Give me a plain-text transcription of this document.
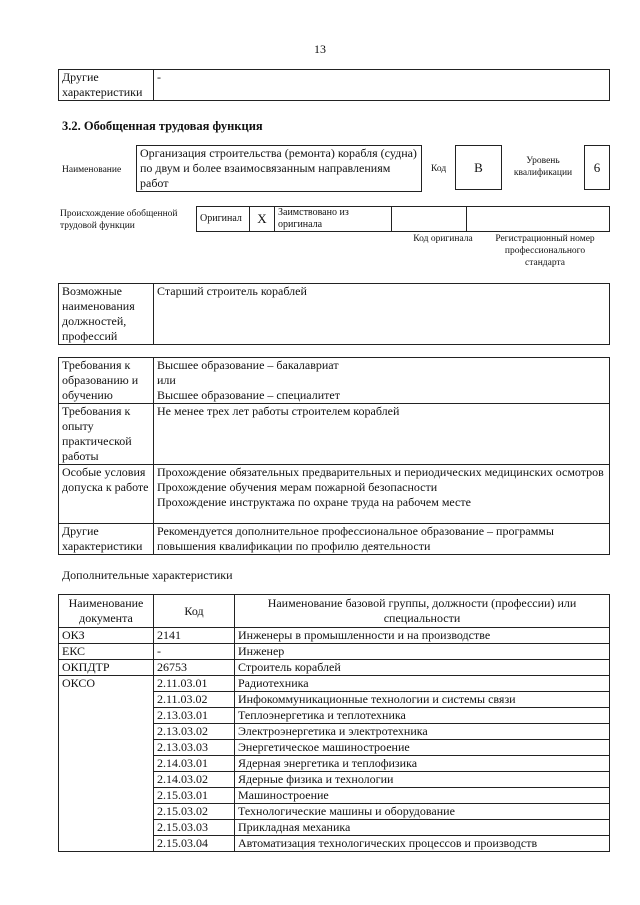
13
Другие характеристики	-
3.2. Обобщенная трудовая функция
Наименование
Организация строительства (ремонта) корабля (судна) по двум и более взаимосвязанным направлениям работ
Код B	Уровень квалификации	6
Происхождение обобщенной трудовой функции
Оригинал	X	Заимствовано из оригинала		
Код оригинала	Регистрационный номер профессионального стандарта
Возможные наименования должностей, профессий	Старший строитель кораблей
Требования к образованию и обучению	Высшее образование – бакалавриат
или
Высшее образование – специалитет

Требования к опыту практической работы	Не менее трех лет работы строителем кораблей

Особые условия допуска к работе	Прохождение обязательных предварительных и периодических медицинских осмотров
Прохождение обучения мерам пожарной безопасности
Прохождение инструктажа по охране труда на рабочем месте

Другие характеристики	Рекомендуется дополнительное профессиональное образование – программы повышения квалификации по профилю деятельности
Дополнительные характеристики
Наименование документа	Код	Наименование базовой группы, должности (профессии) или специальности
ОКЗ	2141	Инженеры в промышленности и на производстве
ЕКС	-	Инженер
ОКПДТР	26753	Строитель кораблей
ОКСО	2.11.03.01	Радиотехника
	2.11.03.02	Инфокоммуникационные технологии и системы связи
	2.13.03.01	Теплоэнергетика и теплотехника
	2.13.03.02	Электроэнергетика и электротехника
	2.13.03.03	Энергетическое машиностроение
	2.14.03.01	Ядерная энергетика и теплофизика
	2.14.03.02	Ядерные физика и технологии
	2.15.03.01	Машиностроение
	2.15.03.02	Технологические машины и оборудование
	2.15.03.03	Прикладная механика
	2.15.03.04	Автоматизация технологических процессов и производств
